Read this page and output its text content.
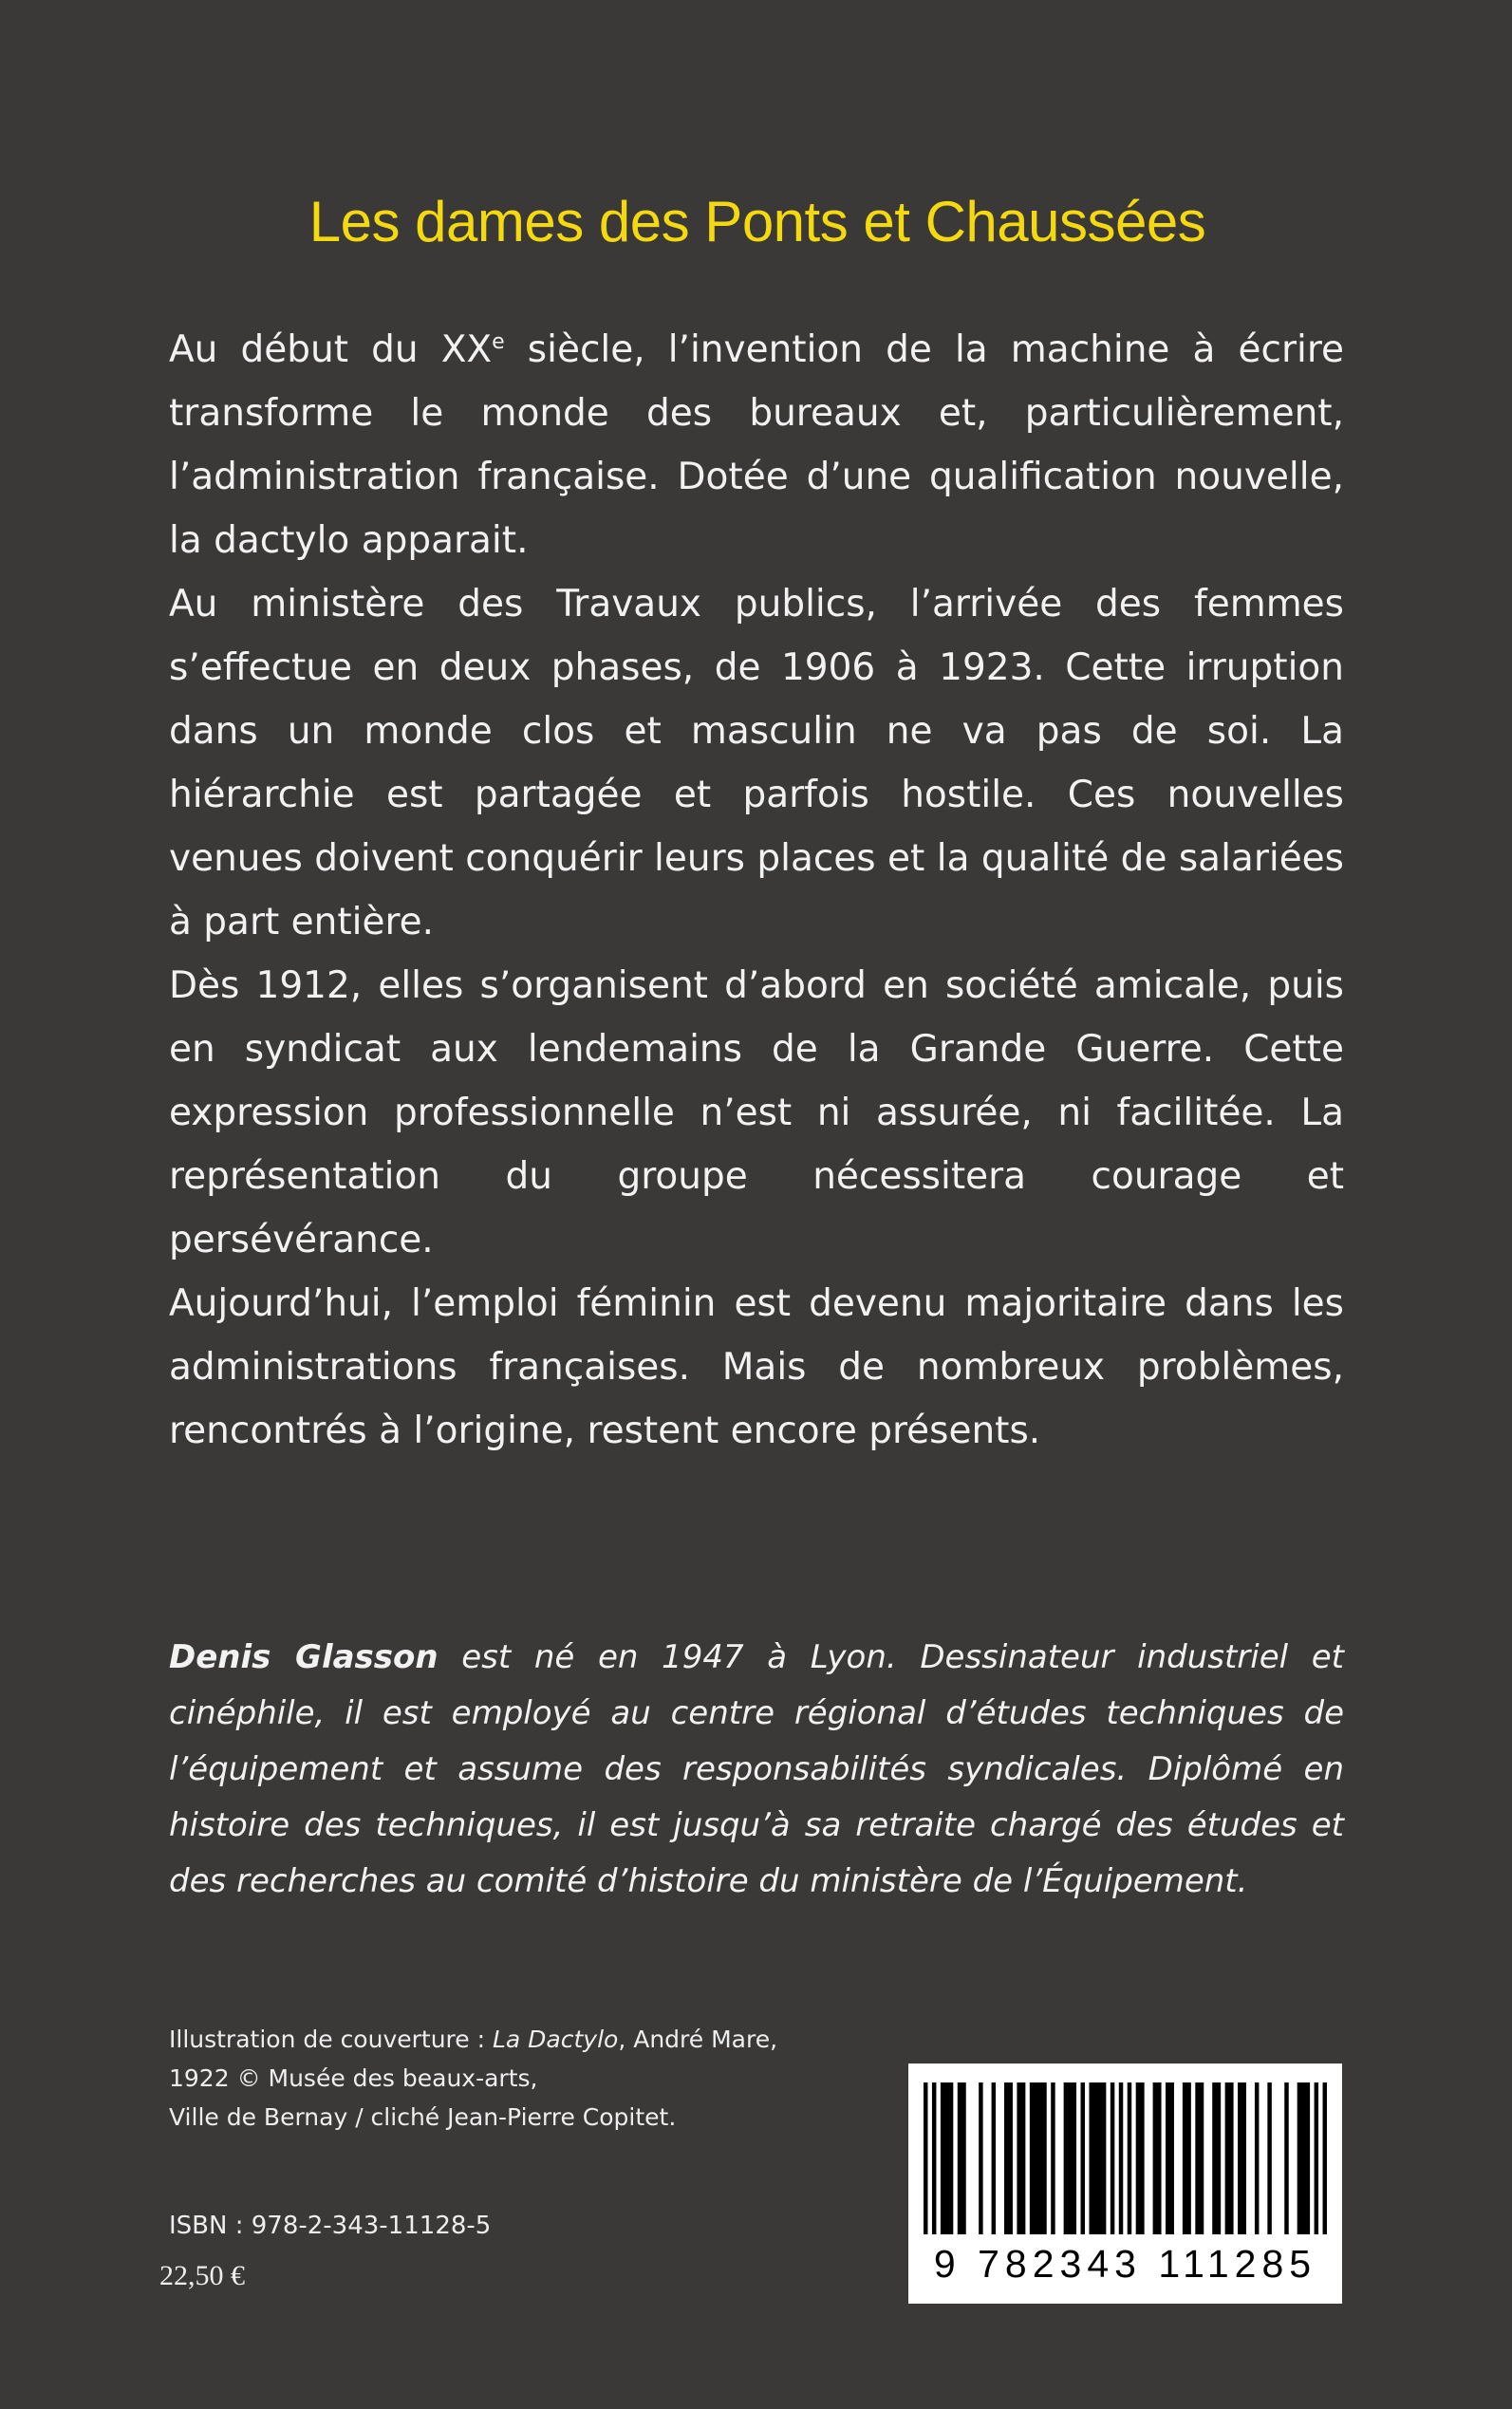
Les dames des Ponts et Chaussées

Au début du XXe siècle, l’invention de la machine à écrire transforme le monde des bureaux et, particulièrement, l’administration française. Dotée d’une qualification nouvelle, la dactylo apparait.

Au ministère des Travaux publics, l’arrivée des femmes s’effectue en deux phases, de 1906 à 1923. Cette irruption dans un monde clos et masculin ne va pas de soi. La hiérarchie est partagée et parfois hostile. Ces nouvelles venues doivent conquérir leurs places et la qualité de salariées à part entière.

Dès 1912, elles s’organisent d’abord en société amicale, puis en syndicat aux lendemains de la Grande Guerre. Cette expression professionnelle n’est ni assurée, ni facilitée. La représentation du groupe nécessitera courage et persévérance.

Aujourd’hui, l’emploi féminin est devenu majoritaire dans les administrations françaises. Mais de nombreux problèmes, rencontrés à l’origine, restent encore présents.

Denis Glasson est né en 1947 à Lyon. Dessinateur industriel et cinéphile, il est employé au centre régional d’études techniques de l’équipement et assume des responsabilités syndicales. Diplômé en histoire des techniques, il est jusqu’à sa retraite chargé des études et des recherches au comité d’histoire du ministère de l’Équipement.

Illustration de couverture : La Dactylo, André Mare,
1922 © Musée des beaux-arts,
Ville de Bernay / cliché Jean-Pierre Copitet.
ISBN : 978-2-343-11128-5
22,50 €	9 782343 111285
